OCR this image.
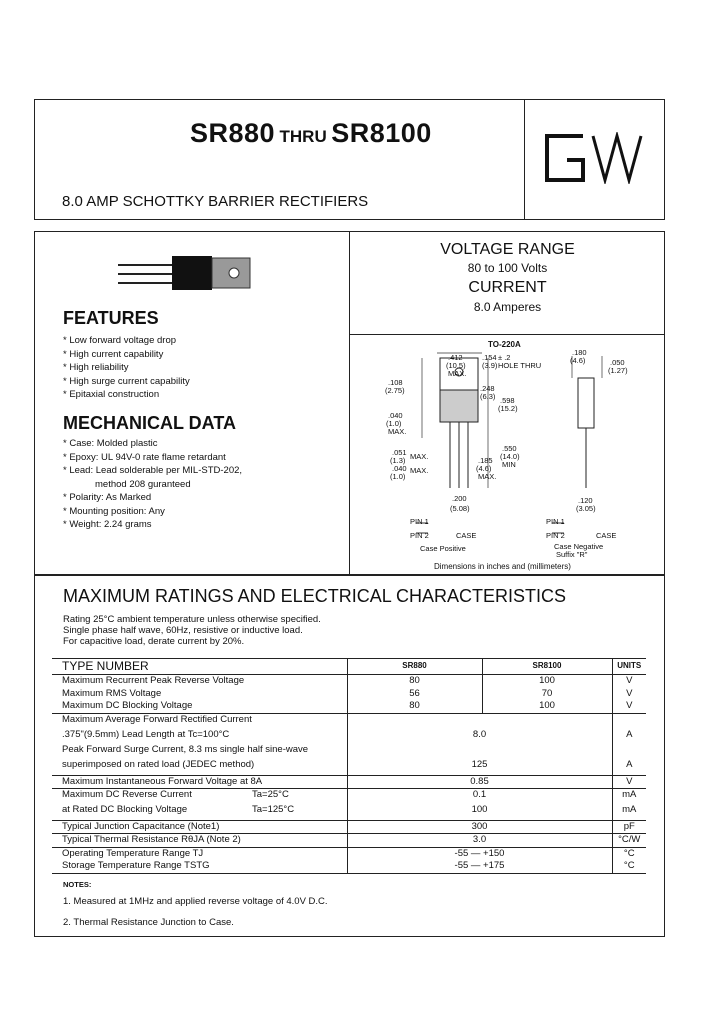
SR880 THRU SR8100
8.0 AMP SCHOTTKY BARRIER RECTIFIERS
FEATURES
* Low forward voltage drop
* High current capability
* High reliability
* High surge current capability
* Epitaxial construction
MECHANICAL DATA
* Case: Molded plastic
* Epoxy: UL 94V-0 rate flame retardant
* Lead: Lead solderable per MIL-STD-202,
method 208 guranteed
* Polarity: As Marked
* Mounting position: Any
* Weight: 2.24 grams
VOLTAGE RANGE
80 to 100 Volts
CURRENT
8.0 Amperes
TO-220A
.412
(10.5)
MAX.
.154
(3.9)
± .2
HOLE THRU
.108
(2.75)	.248
(6.3) .598
(15.2)
.040
(1.0)
MAX.
.051
(1.3)
.040
(1.0)
MAX.
MAX.
.550
(14.0)
MIN
.185
(4.6)
MAX.
.200
(5.08)
.180
(4.6)	.050
(1.27)
.120
(3.05)
PIN 1
PIN 2	CASE
Case Positive
PIN 1
PIN 2	CASE
Case Negative
Suffix "R"
Dimensions in inches and (millimeters)
MAXIMUM RATINGS AND ELECTRICAL CHARACTERISTICS
Rating 25°C ambient temperature unless otherwise specified.
Single phase half wave, 60Hz, resistive or inductive load.
For capacitive load, derate current by 20%.
TYPE NUMBER		SR880	SR8100	UNITS
Maximum Recurrent Peak Reverse Voltage		80	100	V
Maximum RMS Voltage		56	70	V
Maximum DC Blocking Voltage		80	100	V
Maximum Average Forward Rectified Current				
.375"(9.5mm) Lead Length at Tc=100°C		8.0		A
Peak Forward Surge Current, 8.3 ms single half sine-wave				
superimposed on rated load (JEDEC method)		125		A
Maximum Instantaneous Forward Voltage at 8A		0.85		V
Maximum DC Reverse Current	Ta=25°C	0.1		mA
at Rated DC Blocking Voltage	Ta=125°C	100		mA
Typical Junction Capacitance (Note1)		300		pF
Typical Thermal Resistance RθJA (Note 2)		3.0		°C/W
Operating Temperature Range TJ		-55 — +150		°C
Storage Temperature Range TSTG		-55 — +175		°C
NOTES:
1. Measured at 1MHz and applied reverse voltage of 4.0V D.C.
2. Thermal Resistance Junction to Case.
